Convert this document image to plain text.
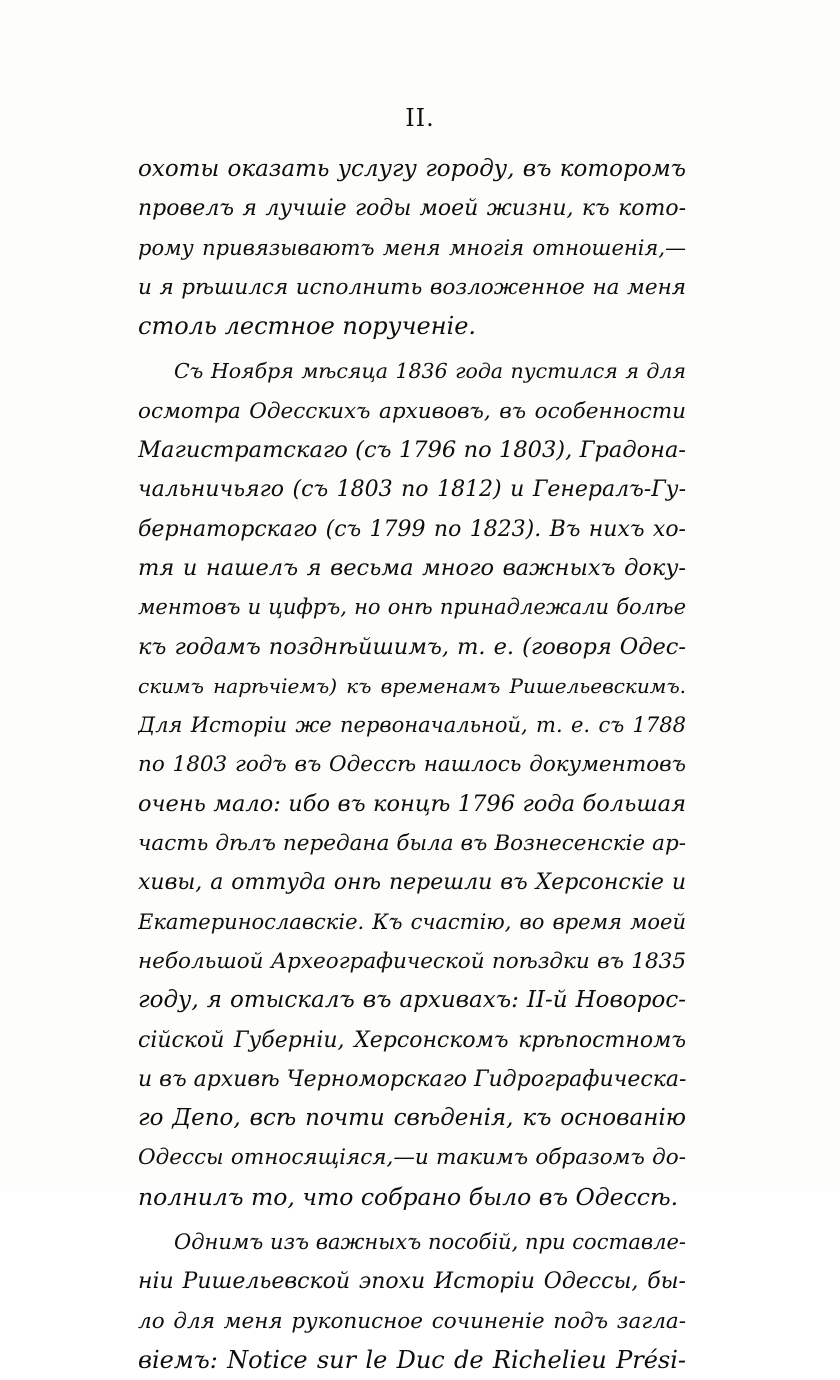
II.
охоты оказать услугу городу, въ которомъ
провелъ я лучшіе годы моей жизни, къ кото-
рому привязываютъ меня многія отношенія,—
и я рѣшился исполнить возложенное на меня
столь лестное порученіе.
Съ Ноября мѣсяца 1836 года пустился я для
осмотра Одесскихъ архивовъ, въ особенности
Магистратскаго (съ 1796 по 1803), Градона-
чальничьяго (съ 1803 по 1812) и Генералъ-Гу-
бернаторскаго (съ 1799 по 1823). Въ нихъ хо-
тя и нашелъ я весьма много важныхъ доку-
ментовъ и цифръ, но онѣ принадлежали болѣе
къ годамъ позднѣйшимъ, т. е. (говоря Одес-
скимъ нарѣчіемъ) къ временамъ Ришельевскимъ.
Для Исторіи же первоначальной, т. е. съ 1788
по 1803 годъ въ Одессѣ нашлось документовъ
очень мало: ибо въ концѣ 1796 года большая
часть дѣлъ передана была въ Вознесенскіе ар-
хивы, а оттуда онѣ перешли въ Херсонскіе и
Екатеринославскіе. Къ счастію, во время моей
небольшой Археографической поѣздки въ 1835
году, я отыскалъ въ архивахъ: II-й Новорос-
сійской Губерніи, Херсонскомъ крѣпостномъ
и въ архивѣ Черноморскаго Гидрографическа-
го Депо, всѣ почти свѣденія, къ основанію
Одессы относящіяся,—и такимъ образомъ до-
полнилъ то, что собрано было въ Одессѣ.
Однимъ изъ важныхъ пособій, при составле-
ніи Ришельевской эпохи Исторіи Одессы, бы-
ло для меня рукописное сочиненіе подъ загла-
віемъ: Notice sur le Duc de Richelieu Prési-
